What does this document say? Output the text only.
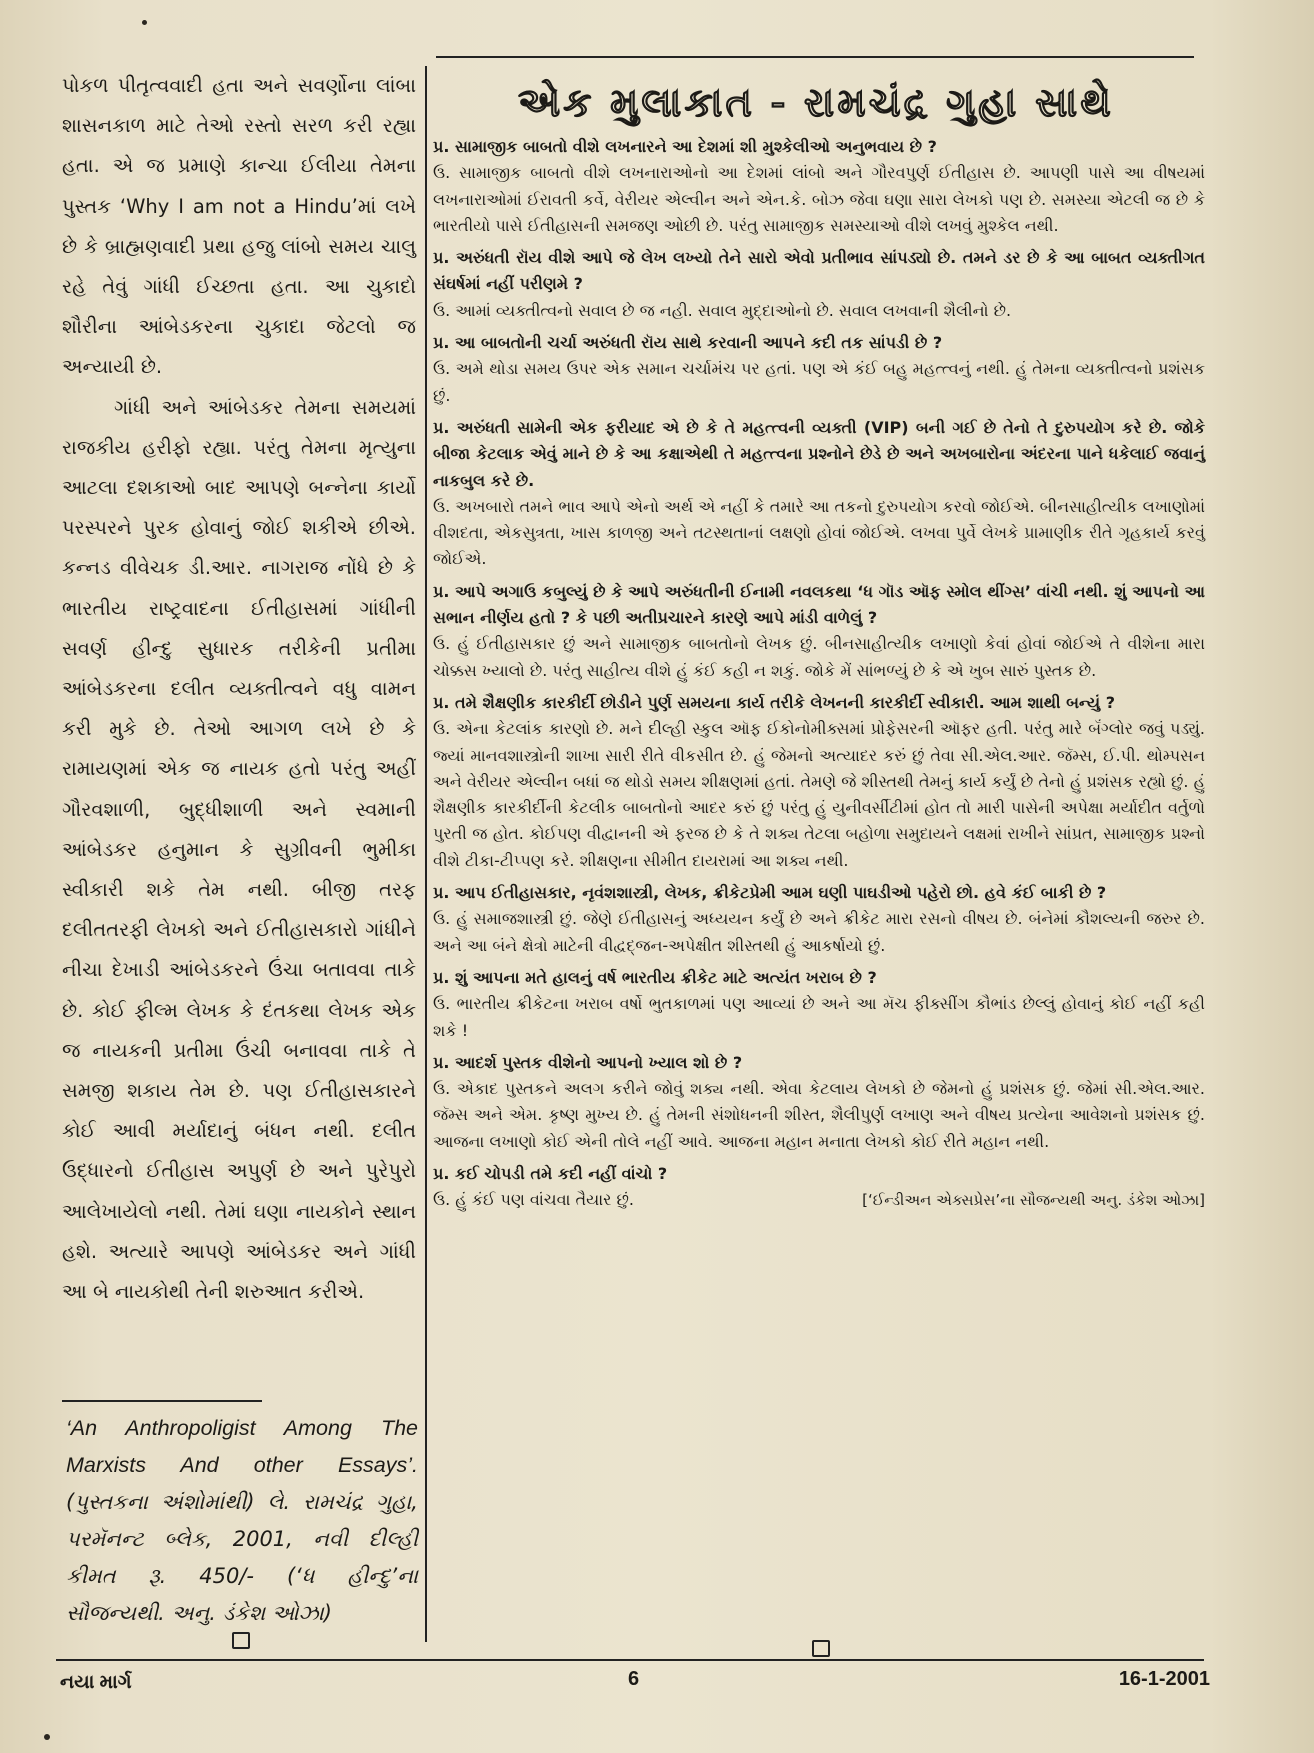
પોકળ પીતૃત્વવાદી હતા અને સવર્ણોના લાંબા શાસનકાળ માટે તેઓ રસ્તો સરળ કરી રહ્યા હતા. એ જ પ્રમાણે કાન્ચા ઈલીયા તેમના પુસ્તક ‘Why I am not a Hindu’માં લખે છે કે બ્રાહ્મણવાદી પ્રથા હજુ લાંબો સમય ચાલુ રહે તેવું ગાંધી ઈચ્છતા હતા. આ ચુકાદો શૌરીના આંબેડકરના ચુકાદા જેટલો જ અન્યાયી છે.

ગાંધી અને આંબેડકર તેમના સમયમાં રાજકીય હરીફો રહ્યા. પરંતુ તેમના મૃત્યુના આટલા દશકાઓ બાદ આપણે બન્નેના કાર્યો પરસ્પરને પુરક હોવાનું જોઈ શકીએ છીએ. કન્નડ વીવેચક ડી.આર. નાગરાજ નોંધે છે કે ભારતીય રાષ્ટ્રવાદના ઈતીહાસમાં ગાંધીની સવર્ણ હીન્દુ સુધારક તરીકેની પ્રતીમા આંબેડકરના દલીત વ્યક્તીત્વને વધુ વામન કરી મુકે છે. તેઓ આગળ લખે છે કે રામાયણમાં એક જ નાયક હતો પરંતુ અહીં ગૌરવશાળી, બુદ્ધીશાળી અને સ્વમાની આંબેડકર હનુમાન કે સુગ્રીવની ભુમીકા સ્વીકારી શકે તેમ નથી. બીજી તરફ દલીતતરફી લેખકો અને ઈતીહાસકારો ગાંધીને નીચા દેખાડી આંબેડકરને ઉંચા બતાવવા તાકે છે. કોઈ ફીલ્મ લેખક કે દંતકથા લેખક એક જ નાયકની પ્રતીમા ઉંચી બનાવવા તાકે તે સમજી શકાય તેમ છે. પણ ઈતીહાસકારને કોઈ આવી મર્યાદાનું બંધન નથી. દલીત ઉદ્ધારનો ઈતીહાસ અપુર્ણ છે અને પુરેપુરો આલેખાયેલો નથી. તેમાં ઘણા નાયકોને સ્થાન હશે. અત્યારે આપણે આંબેડકર અને ગાંધી આ બે નાયકોથી તેની શરુઆત કરીએ.

‘An Anthropoligist Among The Marxists And other Essays’. (પુસ્તકના અંશોમાંથી) લે. રામચંદ્ર ગુહા, પરમૅનન્ટ બ્લેક, 2001, નવી દીલ્હી કીમત રૂ. 450/- (‘ધ હીન્દુ’ના સૌજન્યથી. અનુ. ડંકેશ ઓઝા)
એક મુલાકાત - રામચંદ્ર ગુહા સાથે
પ્ર. સામાજીક બાબતો વીશે લખનારને આ દેશમાં શી મુશ્કેલીઓ અનુભવાય છે ?
ઉ. સામાજીક બાબતો વીશે લખનારાઓનો આ દેશમાં લાંબો અને ગૌરવપુર્ણ ઈતીહાસ છે. આપણી પાસે આ વીષયમાં લખનારાઓમાં ઈરાવતી કર્વે, વેરીયર એલ્વીન અને એન.કે. બોઝ જેવા ઘણા સારા લેખકો પણ છે. સમસ્યા એટલી જ છે કે ભારતીયો પાસે ઈતીહાસની સમજણ ઓછી છે. પરંતુ સામાજીક સમસ્યાઓ વીશે લખવું મુશ્કેલ નથી.
પ્ર. અરુંધતી રૉય વીશે આપે જે લેખ લખ્યો તેને સારો એવો પ્રતીભાવ સાંપડ્યો છે. તમને ડર છે કે આ બાબત વ્યક્તીગત સંઘર્ષમાં નહીં પરીણમે ?
ઉ. આમાં વ્યક્તીત્વનો સવાલ છે જ નહી. સવાલ મુદ્દાઓનો છે. સવાલ લખવાની શૈલીનો છે.
પ્ર. આ બાબતોની ચર્ચા અરુંધતી રૉય સાથે કરવાની આપને કદી તક સાંપડી છે ?
ઉ. અમે થોડા સમય ઉપર એક સમાન ચર્ચામંચ પર હતાં. પણ એ કંઈ બહુ મહત્ત્વનું નથી. હું તેમના વ્યક્તીત્વનો પ્રશંસક છું.
પ્ર. અરુંધતી સામેની એક ફરીયાદ એ છે કે તે મહત્ત્વની વ્યક્તી (VIP) બની ગઈ છે તેનો તે દુરુપયોગ કરે છે. જોકે બીજા કેટલાક એવું માને છે કે આ કક્ષાએથી તે મહત્ત્વના પ્રશ્નોને છેડે છે અને અખબારોના અંદરના પાને ધકેલાઈ જવાનું નાકબુલ કરે છે.
ઉ. અખબારો તમને ભાવ આપે એનો અર્થ એ નહીં કે તમારે આ તકનો દુરુપયોગ કરવો જોઈએ. બીનસાહીત્યીક લખાણોમાં વીશદતા, એકસુત્રતા, ખાસ કાળજી અને તટસ્થતાનાં લક્ષણો હોવાં જોઈએ. લખવા પુર્વે લેખકે પ્રામાણીક રીતે ગૃહકાર્ય કરવું જોઈએ.
પ્ર. આપે અગાઉ કબુલ્યું છે કે આપે અરુંધતીની ઈનામી નવલકથા ‘ધ ગૉડ ઑફ સ્મોલ થીંગ્સ’ વાંચી નથી. શું આપનો આ સભાન નીર્ણય હતો ? કે પછી અતીપ્રચારને કારણે આપે માંડી વાળેલું ?
ઉ. હું ઈતીહાસકાર છું અને સામાજીક બાબતોનો લેખક છું. બીનસાહીત્યીક લખાણો કેવાં હોવાં જોઈએ તે વીશેના મારા ચોક્કસ ખ્યાલો છે. પરંતુ સાહીત્ય વીશે હું કંઈ કહી ન શકું. જોકે મેં સાંભળ્યું છે કે એ ખુબ સારું પુસ્તક છે.
પ્ર. તમે શૈક્ષણીક કારકીર્દી છોડીને પુર્ણ સમયના કાર્ય તરીકે લેખનની કારકીર્દી સ્વીકારી. આમ શાથી બન્યું ?
ઉ. એના કેટલાંક કારણો છે. મને દીલ્હી સ્કુલ ઑફ ઈકોનોમીક્સમાં પ્રોફેસરની ઑફર હતી. પરંતુ મારે બૅંગ્લોર જવું પડ્યું. જ્યાં માનવશાસ્ત્રોની શાખા સારી રીતે વીકસીત છે. હું જેમનો અત્યાદર કરું છું તેવા સી.એલ.આર. જૅમ્સ, ઈ.પી. થોમ્પસન અને વેરીયર એલ્વીન બધાં જ થોડો સમય શીક્ષણમાં હતાં. તેમણે જે શીસ્તથી તેમનું કાર્ય કર્યું છે તેનો હું પ્રશંસક રહ્યો છું. હું શૈક્ષણીક કારકીર્દીની કેટલીક બાબતોનો આદર કરું છું પરંતુ હું યુનીવર્સીટીમાં હોત તો મારી પાસેની અપેક્ષા મર્યાદીત વર્તુળો પુરતી જ હોત. કોઈપણ વીદ્વાનની એ ફરજ છે કે તે શક્ય તેટલા બહોળા સમુદાયને લક્ષમાં રાખીને સાંપ્રત, સામાજીક પ્રશ્નો વીશે ટીકા-ટીપ્પણ કરે. શીક્ષણના સીમીત દાયરામાં આ શક્ય નથી.
પ્ર. આપ ઈતીહાસકાર, નૃવંશશાસ્ત્રી, લેખક, ક્રીકેટપ્રેમી આમ ઘણી પાઘડીઓ પહેરો છો. હવે કંઈ બાકી છે ?
ઉ. હું સમાજશાસ્ત્રી છું. જેણે ઈતીહાસનું અધ્યયન કર્યું છે અને ક્રીકેટ મારા રસનો વીષય છે. બંનેમાં કૌશલ્યની જરુર છે. અને આ બંને ક્ષેત્રો માટેની વીદ્વદ્જન-અપેક્ષીત શીસ્તથી હું આકર્ષાયો છું.
પ્ર. શું આપના મતે હાલનું વર્ષ ભારતીય ક્રીકેટ માટે અત્યંત ખરાબ છે ?
ઉ. ભારતીય ક્રીકેટના ખરાબ વર્ષો ભુતકાળમાં પણ આવ્યાં છે અને આ મૅચ ફીક્સીંગ કૌભાંડ છેલ્લું હોવાનું કોઈ નહીં કહી શકે !
પ્ર. આદર્શ પુસ્તક વીશેનો આપનો ખ્યાલ શો છે ?
ઉ. એકાદ પુસ્તકને અલગ કરીને જોવું શક્ય નથી. એવા કેટલાય લેખકો છે જેમનો હું પ્રશંસક છું. જેમાં સી.એલ.આર. જૅમ્સ અને એમ. કૃષ્ણ મુખ્ય છે. હું તેમની સંશોધનની શીસ્ત, શૈલીપુર્ણ લખાણ અને વીષય પ્રત્યેના આવેશનો પ્રશંસક છું. આજના લખાણો કોઈ એની તોલે નહીં આવે. આજના મહાન મનાતા લેખકો કોઈ રીતે મહાન નથી.
પ્ર. કઈ ચોપડી તમે કદી નહીં વાંચો ?
ઉ. હું કંઈ પણ વાંચવા તૈયાર છું.	[‘ઈન્ડીઅન એક્સપ્રેસ’ના સૌજન્યથી અનુ. ડંકેશ ઓઝા]
નયા માર્ગ	6	16-1-2001
